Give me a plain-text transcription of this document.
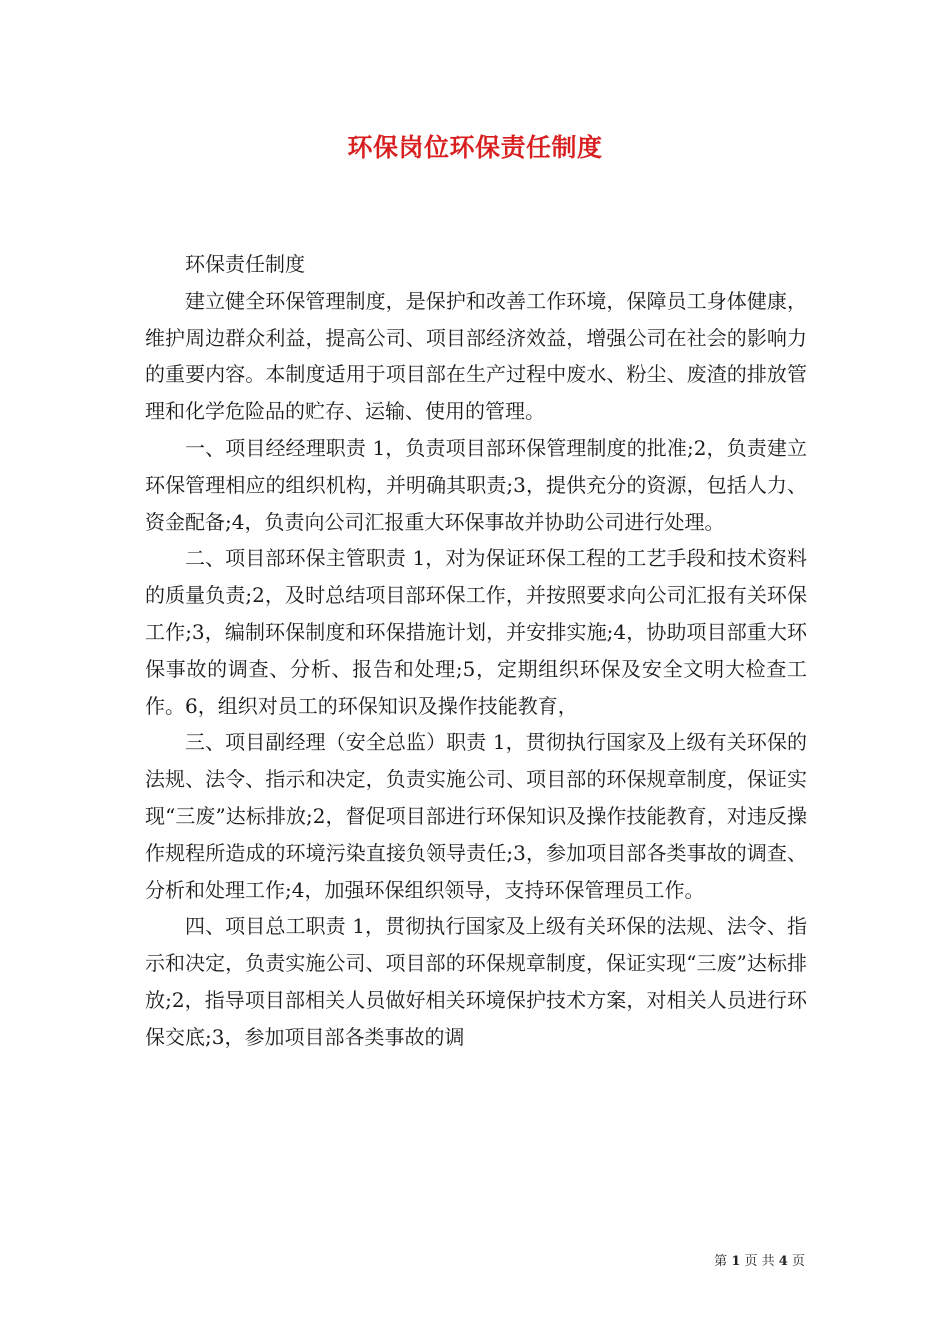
环保岗位环保责任制度

环保责任制度

建立健全环保管理制度，是保护和改善工作环境，保障员工身体健康，维护周边群众利益，提高公司、项目部经济效益，增强公司在社会的影响力的重要内容。本制度适用于项目部在生产过程中废水、粉尘、废渣的排放管理和化学危险品的贮存、运输、使用的管理。

一、项目经经理职责 1，负责项目部环保管理制度的批准;2，负责建立环保管理相应的组织机构，并明确其职责;3，提供充分的资源，包括人力、资金配备;4，负责向公司汇报重大环保事故并协助公司进行处理。

二、项目部环保主管职责 1，对为保证环保工程的工艺手段和技术资料的质量负责;2，及时总结项目部环保工作，并按照要求向公司汇报有关环保工作;3，编制环保制度和环保措施计划，并安排实施;4，协助项目部重大环保事故的调查、分析、报告和处理;5，定期组织环保及安全文明大检查工作。6，组织对员工的环保知识及操作技能教育，

三、项目副经理（安全总监）职责 1，贯彻执行国家及上级有关环保的法规、法令、指示和决定，负责实施公司、项目部的环保规章制度，保证实现“三废”达标排放;2，督促项目部进行环保知识及操作技能教育，对违反操作规程所造成的环境污染直接负领导责任;3，参加项目部各类事故的调查、分析和处理工作;4，加强环保组织领导，支持环保管理员工作。

四、项目总工职责 1，贯彻执行国家及上级有关环保的法规、法令、指示和决定，负责实施公司、项目部的环保规章制度，保证实现“三废”达标排放;2，指导项目部相关人员做好相关环境保护技术方案，对相关人员进行环保交底;3，参加项目部各类事故的调

第 1 页 共 4 页
